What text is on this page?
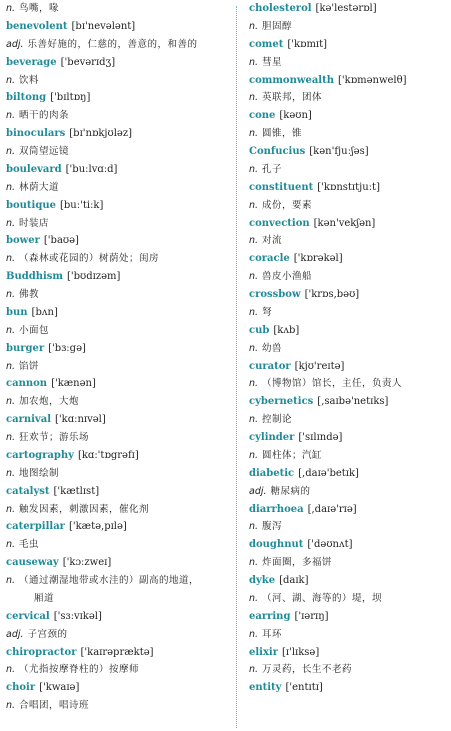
n. 鸟嘴，喙
benevolent [bɪ'nevələnt]
adj. 乐善好施的，仁慈的，善意的，和善的
beverage ['bevərɪdʒ]
n. 饮料
biltong ['bɪltɒŋ]
n. 晒干的肉条
binoculars [bɪ'nɒkjʊləz]
n. 双筒望远镜
boulevard ['buːlvɑːd]
n. 林荫大道
boutique [buː'tiːk]
n. 时装店
bower ['baʊə]
n. （森林或花园的）树荫处；闺房
Buddhism ['bʊdɪzəm]
n. 佛教
bun [bʌn]
n. 小面包
burger ['bɜːgə]
n. 馅饼
cannon ['kænən]
n. 加农炮，大炮
carnival ['kɑːnɪvəl]
n. 狂欢节；游乐场
cartography [kɑː'tɒgrəfɪ]
n. 地图绘制
catalyst ['kætlɪst]
n. 触发因素，刺激因素，催化剂
caterpillar ['kætə,pɪlə]
n. 毛虫
causeway ['kɔːzweɪ]
n. （通过潮湿地带或水洼的）副高的地道，
厢道
cervical ['sɜːvɪkəl]
adj. 子宫颈的
chiropractor ['kaɪrəpræktə]
n. （尤指按摩脊柱的）按摩师
choir ['kwaɪə]
n. 合唱团，唱诗班
cholesterol [kə'lestərɒl]
n. 胆固醇
comet ['kɒmɪt]
n. 彗星
commonwealth ['kɒmənwelθ]
n. 英联邦，团体
cone [kəʊn]
n. 圆锥，锥
Confucius [kən'fjuːʃəs]
n. 孔子
constituent ['kɒnstɪtjuːt]
n. 成份，要素
convection [kən'vekʃən]
n. 对流
coracle ['kɒrəkəl]
n. 兽皮小渔船
crossbow ['krɒs,bəʊ]
n. 弩
cub [kʌb]
n. 幼兽
curator [kjʊ'reɪtə]
n. （博物馆）馆长，主任，负责人
cybernetics [,saɪbə'netɪks]
n. 控制论
cylinder ['sɪlɪndə]
n. 圆柱体；汽缸
diabetic [,daɪə'betɪk]
adj. 糖尿病的
diarrhoea [,daɪə'rɪə]
n. 腹泻
doughnut ['dəʊnʌt]
n. 炸面圈，多福饼
dyke [daɪk]
n. （河、湖、海等的）堤，坝
earring ['ɪərɪŋ]
n. 耳环
elixir [ɪ'lɪksə]
n. 万灵药，长生不老药
entity ['entɪtɪ]
